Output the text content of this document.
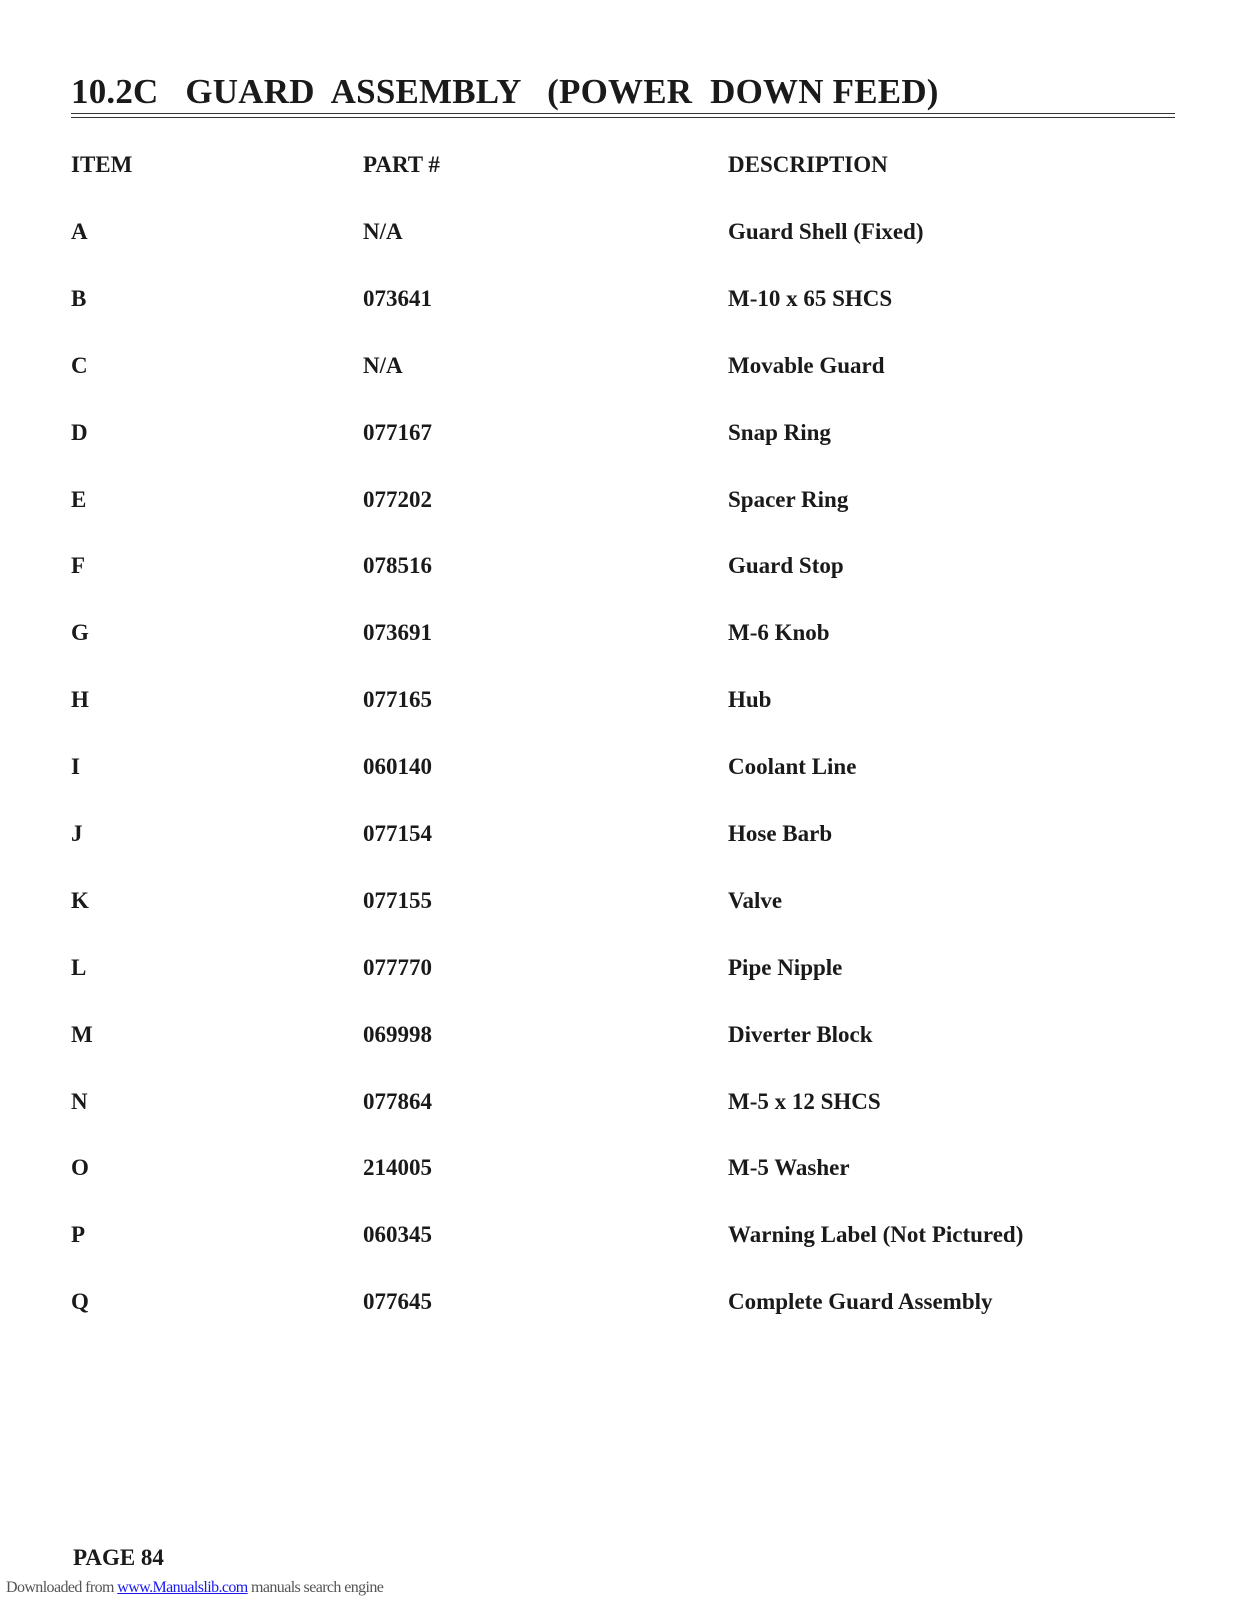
10.2C   GUARD  ASSEMBLY   (POWER  DOWN FEED)
ITEM	PART #	DESCRIPTION
A	N/A	Guard Shell (Fixed)
B	073641	M-10 x 65 SHCS
C	N/A	Movable Guard
D	077167	Snap Ring
E	077202	Spacer Ring
F	078516	Guard Stop
G	073691	M-6 Knob
H	077165	Hub
I	060140	Coolant Line
J	077154	Hose Barb
K	077155	Valve
L	077770	Pipe Nipple
M	069998	Diverter Block
N	077864	M-5 x 12 SHCS
O	214005	M-5 Washer
P	060345	Warning Label (Not Pictured)
Q	077645	Complete Guard Assembly
PAGE 84
Downloaded from www.Manualslib.com manuals search engine
